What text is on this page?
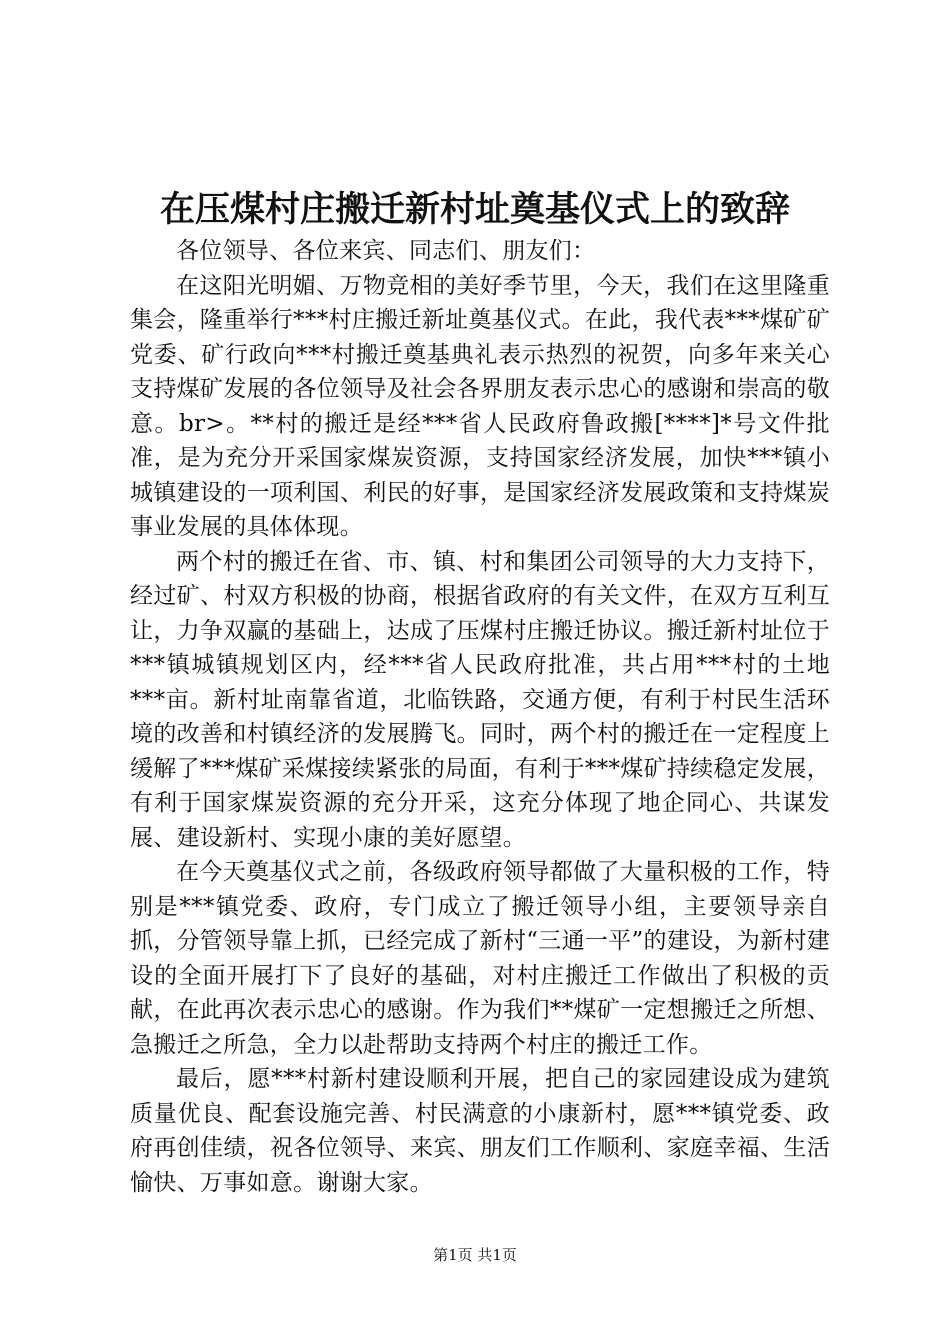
在压煤村庄搬迁新村址奠基仪式上的致辞

各位领导、各位来宾、同志们、朋友们：

在这阳光明媚、万物竞相的美好季节里，今天，我们在这里隆重集会，隆重举行***村庄搬迁新址奠基仪式。在此，我代表***煤矿矿党委、矿行政向***村搬迁奠基典礼表示热烈的祝贺，向多年来关心支持煤矿发展的各位领导及社会各界朋友表示忠心的感谢和崇高的敬意。br>。**村的搬迁是经***省人民政府鲁政搬[****]*号文件批准，是为充分开采国家煤炭资源，支持国家经济发展，加快***镇小城镇建设的一项利国、利民的好事，是国家经济发展政策和支持煤炭事业发展的具体体现。

两个村的搬迁在省、市、镇、村和集团公司领导的大力支持下，经过矿、村双方积极的协商，根据省政府的有关文件，在双方互利互让，力争双赢的基础上，达成了压煤村庄搬迁协议。搬迁新村址位于***镇城镇规划区内，经***省人民政府批准，共占用***村的土地***亩。新村址南靠省道，北临铁路，交通方便，有利于村民生活环境的改善和村镇经济的发展腾飞。同时，两个村的搬迁在一定程度上缓解了***煤矿采煤接续紧张的局面，有利于***煤矿持续稳定发展，有利于国家煤炭资源的充分开采，这充分体现了地企同心、共谋发展、建设新村、实现小康的美好愿望。

在今天奠基仪式之前，各级政府领导都做了大量积极的工作，特别是***镇党委、政府，专门成立了搬迁领导小组，主要领导亲自抓，分管领导靠上抓，已经完成了新村“三通一平”的建设，为新村建设的全面开展打下了良好的基础，对村庄搬迁工作做出了积极的贡献，在此再次表示忠心的感谢。作为我们**煤矿一定想搬迁之所想、急搬迁之所急，全力以赴帮助支持两个村庄的搬迁工作。

最后，愿***村新村建设顺利开展，把自己的家园建设成为建筑质量优良、配套设施完善、村民满意的小康新村，愿***镇党委、政府再创佳绩，祝各位领导、来宾、朋友们工作顺利、家庭幸福、生活愉快、万事如意。谢谢大家。

第1页 共1页
